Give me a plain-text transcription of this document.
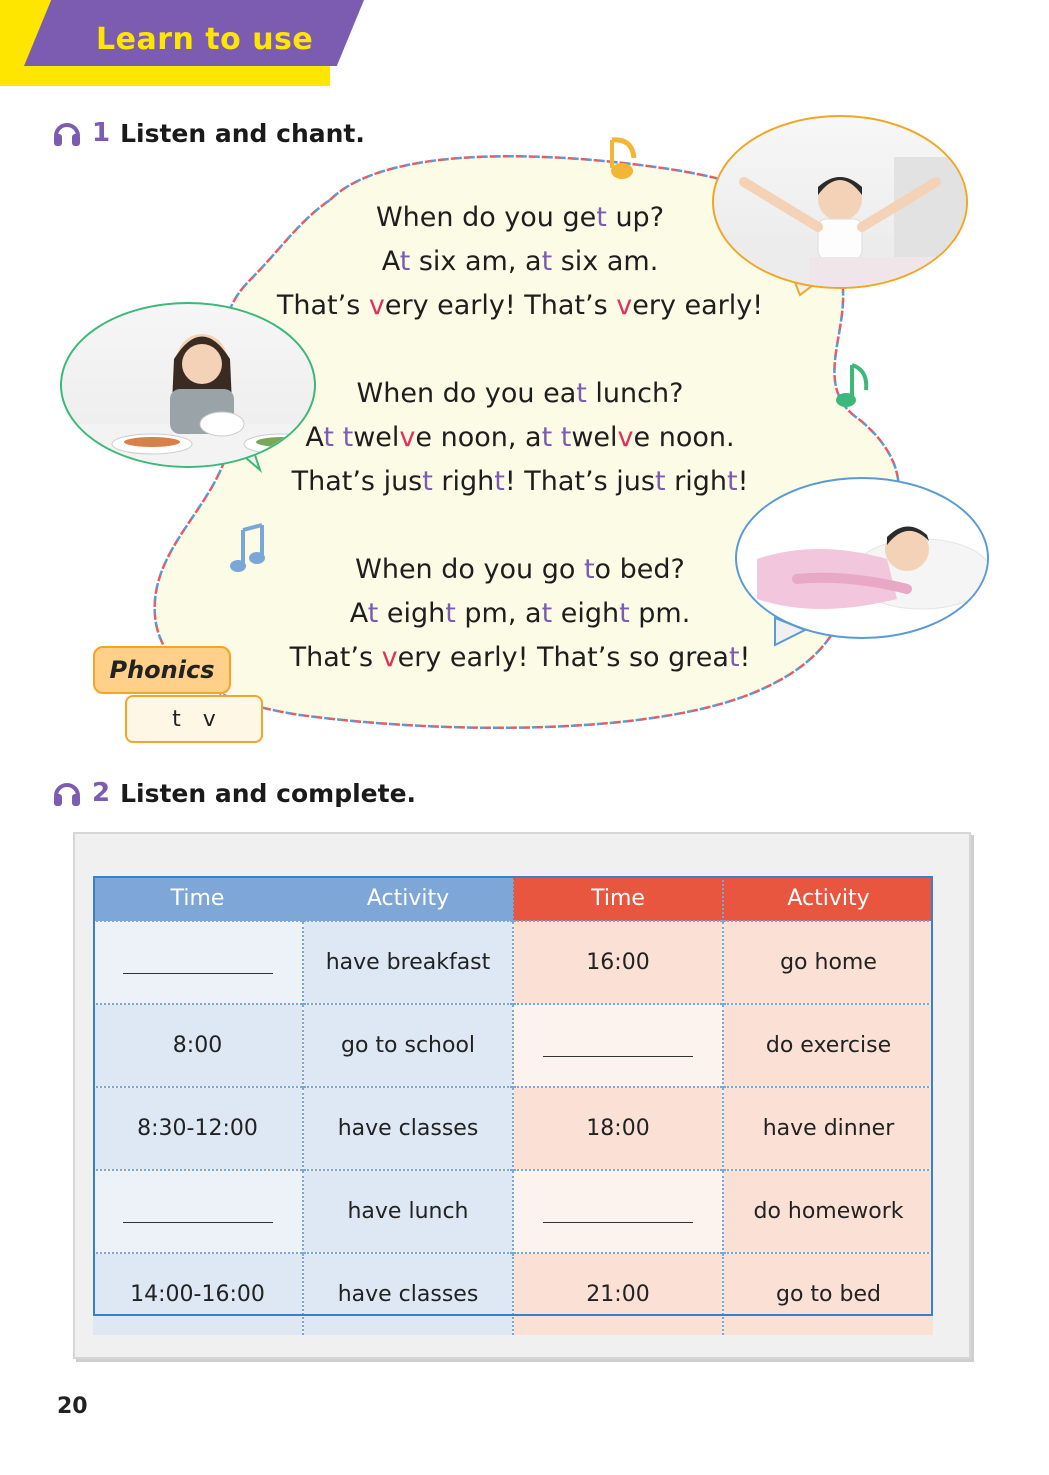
Learn to use
1 Listen and chant.
When do you get up?
At six am, at six am.
That’s very early! That’s very early!
When do you eat lunch?
At twelve noon, at twelve noon.
That’s just right! That’s just right!
When do you go to bed?
At eight pm, at eight pm.
That’s very early! That’s so great!
t v
Phonics
2 Listen and complete.
Time	Activity	Time	Activity

	have breakfast	16:00	go home
8:00	go to school		do exercise
8:30-12:00	have classes	18:00	have dinner

	have lunch		do homework
14:00-16:00	have classes	21:00	go to bed
20
